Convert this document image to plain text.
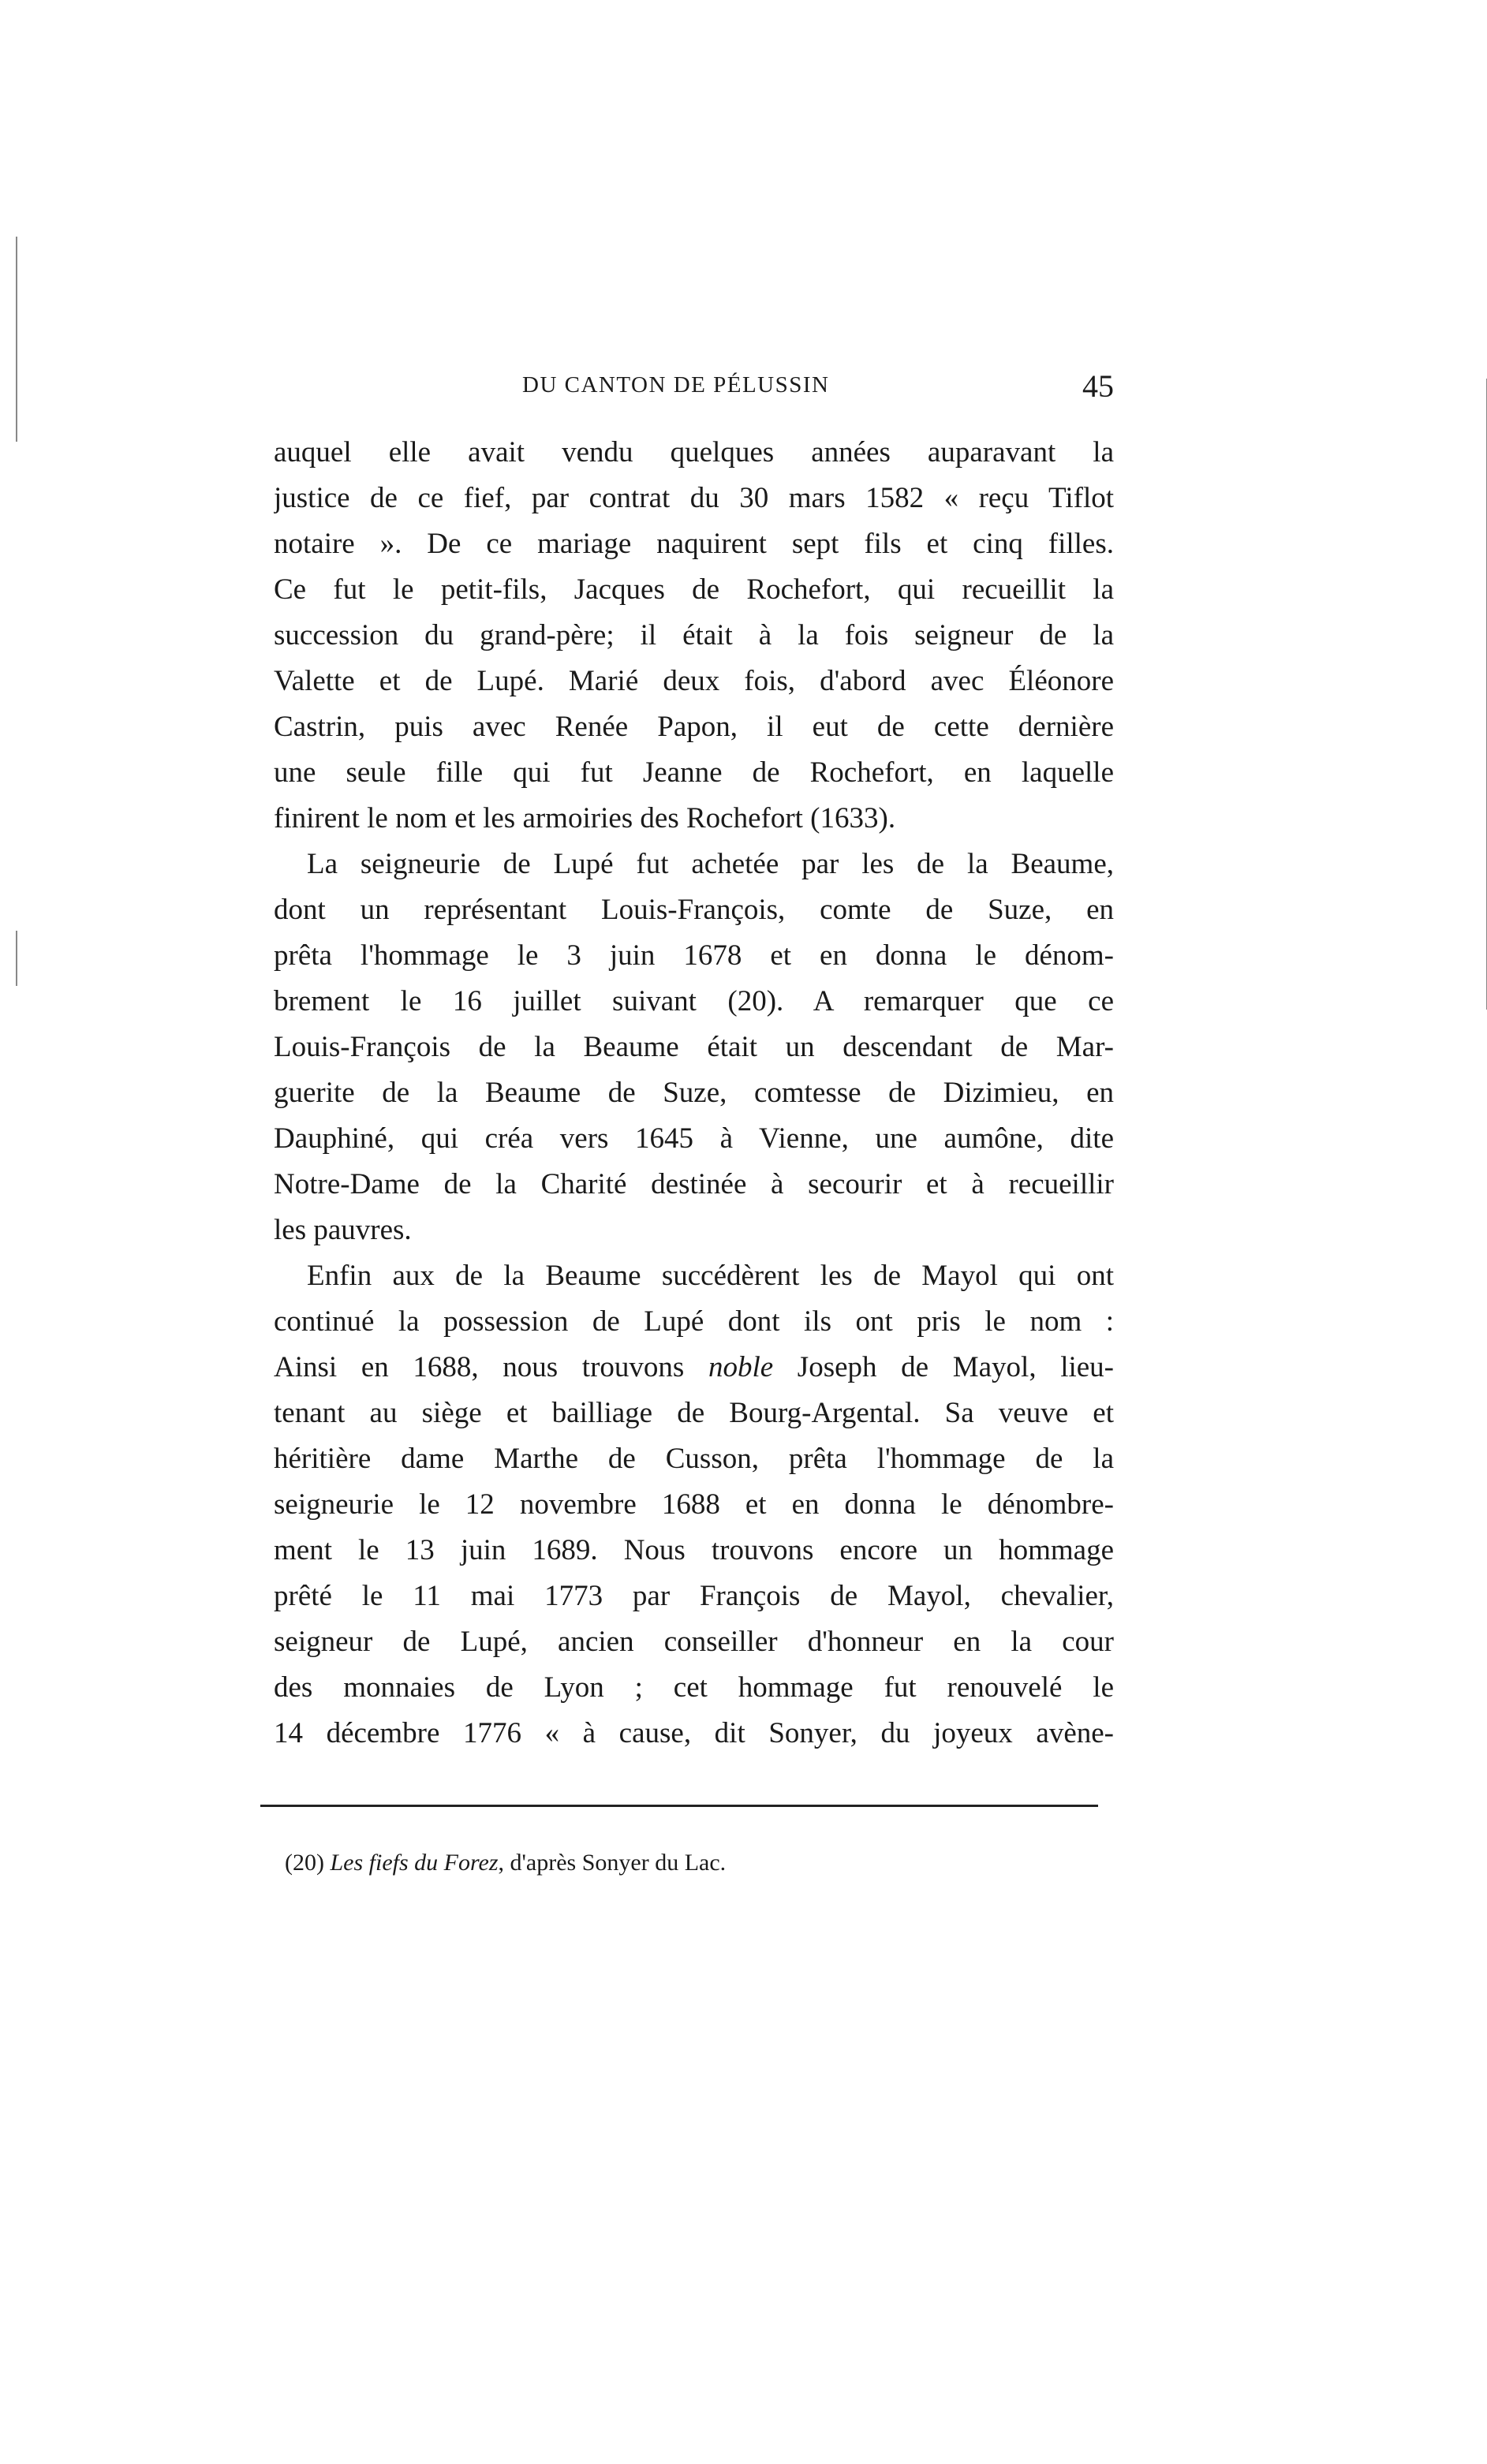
DU CANTON DE PÉLUSSIN	45
auquel elle avait vendu quelques années auparavant la
justice de ce fief, par contrat du 30 mars 1582 « reçu Tiflot
notaire ». De ce mariage naquirent sept fils et cinq filles.
Ce fut le petit-fils, Jacques de Rochefort, qui recueillit la
succession du grand-père; il était à la fois seigneur de la
Valette et de Lupé. Marié deux fois, d'abord avec Éléonore
Castrin, puis avec Renée Papon, il eut de cette dernière
une seule fille qui fut Jeanne de Rochefort, en laquelle
finirent le nom et les armoiries des Rochefort (1633).
La seigneurie de Lupé fut achetée par les de la Beaume,
dont un représentant Louis-François, comte de Suze, en
prêta l'hommage le 3 juin 1678 et en donna le dénom-
brement le 16 juillet suivant (20). A remarquer que ce
Louis-François de la Beaume était un descendant de Mar-
guerite de la Beaume de Suze, comtesse de Dizimieu, en
Dauphiné, qui créa vers 1645 à Vienne, une aumône, dite
Notre-Dame de la Charité destinée à secourir et à recueillir
les pauvres.
Enfin aux de la Beaume succédèrent les de Mayol qui ont
continué la possession de Lupé dont ils ont pris le nom :
Ainsi en 1688, nous trouvons noble Joseph de Mayol, lieu-
tenant au siège et bailliage de Bourg-Argental. Sa veuve et
héritière dame Marthe de Cusson, prêta l'hommage de la
seigneurie le 12 novembre 1688 et en donna le dénombre-
ment le 13 juin 1689. Nous trouvons encore un hommage
prêté le 11 mai 1773 par François de Mayol, chevalier,
seigneur de Lupé, ancien conseiller d'honneur en la cour
des monnaies de Lyon ; cet hommage fut renouvelé le
14 décembre 1776 « à cause, dit Sonyer, du joyeux avène-
(20) Les fiefs du Forez, d'après Sonyer du Lac.
